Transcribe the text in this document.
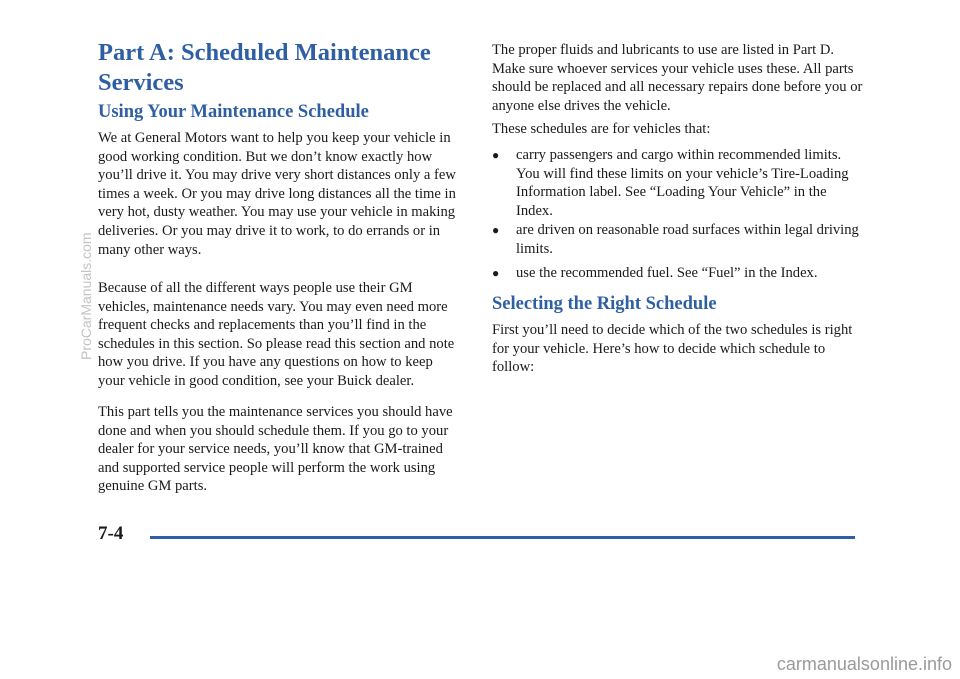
Part A: Scheduled Maintenance Services
Using Your Maintenance Schedule

We at General Motors want to help you keep your vehicle in good working condition. But we don’t know exactly how you’ll drive it. You may drive very short distances only a few times a week. Or you may drive long distances all the time in very hot, dusty weather. You may use your vehicle in making deliveries. Or you may drive it to work, to do errands or in many other ways.

Because of all the different ways people use their GM vehicles, maintenance needs vary. You may even need more frequent checks and replacements than you’ll find in the schedules in this section. So please read this section and note how you drive. If you have any questions on how to keep your vehicle in good condition, see your Buick dealer.

This part tells you the maintenance services you should have done and when you should schedule them. If you go to your dealer for your service needs, you’ll know that GM-trained and supported service people will perform the work using genuine GM parts.

The proper fluids and lubricants to use are listed in Part D. Make sure whoever services your vehicle uses these. All parts should be replaced and all necessary repairs done before you or anyone else drives the vehicle.

These schedules are for vehicles that:

●	carry passengers and cargo within recommended limits. You will find these limits on your vehicle’s Tire-Loading Information label. See “Loading Your Vehicle” in the Index.
●	are driven on reasonable road surfaces within legal driving limits.
●	use the recommended fuel. See “Fuel” in the Index.
Selecting the Right Schedule

First you’ll need to decide which of the two schedules is right for your vehicle. Here’s how to decide which schedule to follow:

7-4
ProCarManuals.com
carmanualsonline.info
